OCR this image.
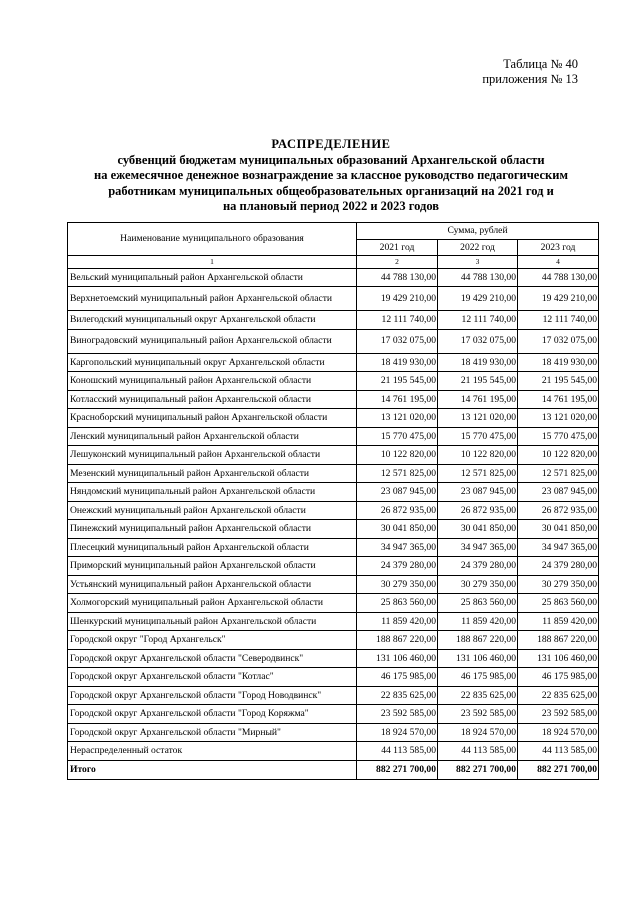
Таблица № 40
приложения № 13
РАСПРЕДЕЛЕНИЕ
субвенций бюджетам муниципальных образований Архангельской области
на ежемесячное денежное вознаграждение за классное руководство педагогическим
работникам муниципальных общеобразовательных организаций на 2021 год и
на плановый период 2022 и 2023 годов
Наименование муниципального образования	Сумма, рублей		
	2021 год	2022 год	2023 год
1	2	3	4
Вельский муниципальный район Архангельской области	44 788 130,00	44 788 130,00	44 788 130,00
Верхнетоемский муниципальный район Архангельской области	19 429 210,00	19 429 210,00	19 429 210,00
Вилегодский муниципальный округ Архангельской области	12 111 740,00	12 111 740,00	12 111 740,00
Виноградовский муниципальный район Архангельской области	17 032 075,00	17 032 075,00	17 032 075,00
Каргопольский муниципальный округ Архангельской области	18 419 930,00	18 419 930,00	18 419 930,00
Коношский муниципальный район Архангельской области	21 195 545,00	21 195 545,00	21 195 545,00
Котласский муниципальный район Архангельской области	14 761 195,00	14 761 195,00	14 761 195,00
Красноборский муниципальный район Архангельской области	13 121 020,00	13 121 020,00	13 121 020,00
Ленский муниципальный район Архангельской области	15 770 475,00	15 770 475,00	15 770 475,00
Лешуконский муниципальный район Архангельской области	10 122 820,00	10 122 820,00	10 122 820,00
Мезенский муниципальный район Архангельской области	12 571 825,00	12 571 825,00	12 571 825,00
Няндомский муниципальный район Архангельской области	23 087 945,00	23 087 945,00	23 087 945,00
Онежский муниципальный район Архангельской области	26 872 935,00	26 872 935,00	26 872 935,00
Пинежский муниципальный район Архангельской области	30 041 850,00	30 041 850,00	30 041 850,00
Плесецкий муниципальный район Архангельской области	34 947 365,00	34 947 365,00	34 947 365,00
Приморский муниципальный район Архангельской области	24 379 280,00	24 379 280,00	24 379 280,00
Устьянский муниципальный район Архангельской области	30 279 350,00	30 279 350,00	30 279 350,00
Холмогорский муниципальный район Архангельской области	25 863 560,00	25 863 560,00	25 863 560,00
Шенкурский муниципальный район Архангельской области	11 859 420,00	11 859 420,00	11 859 420,00
Городской округ "Город Архангельск"	188 867 220,00	188 867 220,00	188 867 220,00
Городской округ Архангельской области "Северодвинск"	131 106 460,00	131 106 460,00	131 106 460,00
Городской округ Архангельской области "Котлас"	46 175 985,00	46 175 985,00	46 175 985,00
Городской округ Архангельской области "Город Новодвинск"	22 835 625,00	22 835 625,00	22 835 625,00
Городской округ Архангельской области "Город Коряжма"	23 592 585,00	23 592 585,00	23 592 585,00
Городской округ Архангельской области "Мирный"	18 924 570,00	18 924 570,00	18 924 570,00
Нераспределенный остаток	44 113 585,00	44 113 585,00	44 113 585,00
Итого	882 271 700,00	882 271 700,00	882 271 700,00
